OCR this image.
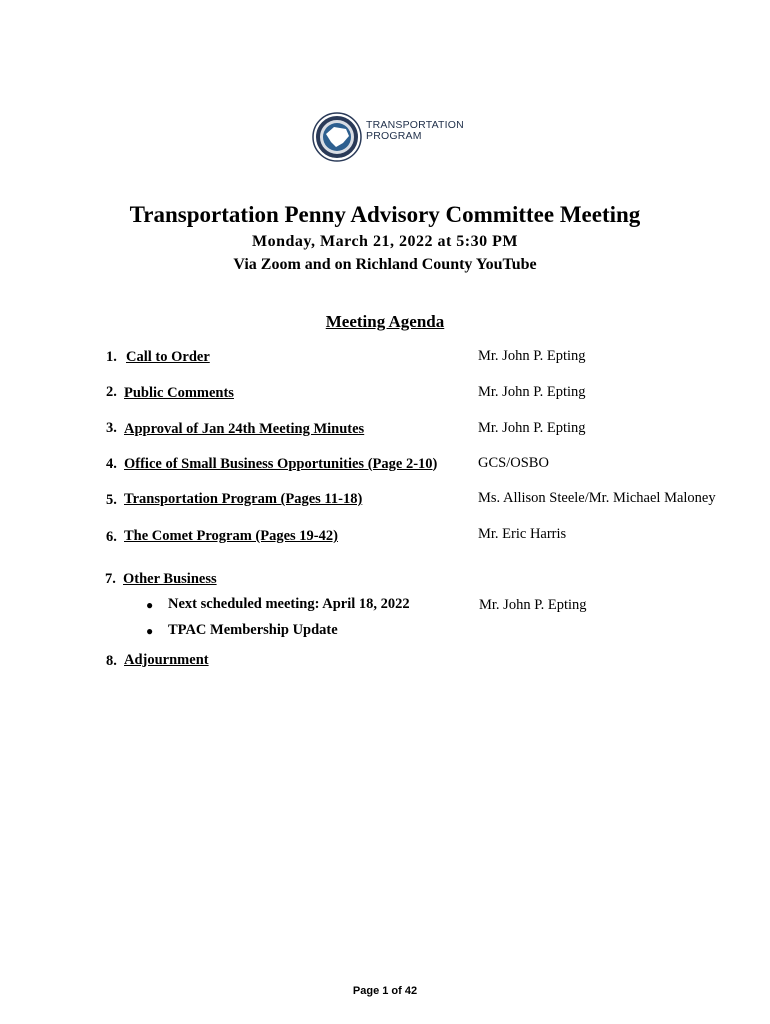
TRANSPORTATION
PROGRAM
Transportation Penny Advisory Committee Meeting
Monday, March 21, 2022 at 5:30 PM
Via Zoom and on Richland County YouTube
Meeting Agenda
1. Call to Order	Mr. John P. Epting
2. Public Comments	Mr. John P. Epting
3. Approval of Jan 24th Meeting Minutes	Mr. John P. Epting
4. Office of Small Business Opportunities (Page 2-10)	GCS/OSBO
5. Transportation Program (Pages 11-18)	Ms. Allison Steele/Mr. Michael Maloney
6. The Comet Program (Pages 19-42)	Mr. Eric Harris
7. Other Business
● Next scheduled meeting: April 18, 2022	Mr. John P. Epting
● TPAC Membership Update
8. Adjournment
Page 1 of 42
